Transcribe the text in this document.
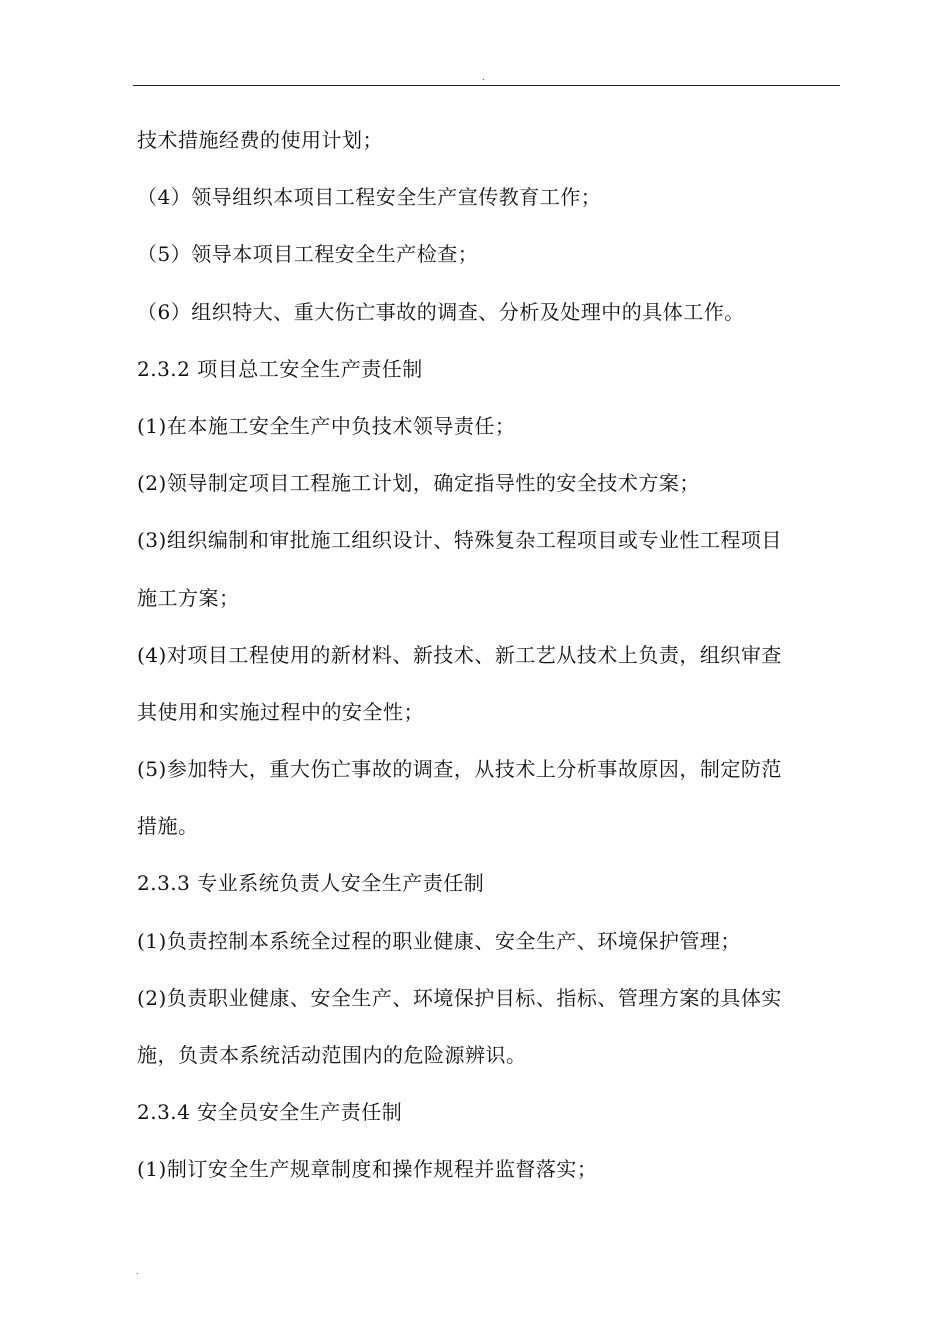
.
技术措施经费的使用计划；
（4）领导组织本项目工程安全生产宣传教育工作；
（5）领导本项目工程安全生产检查；
（6）组织特大、重大伤亡事故的调查、分析及处理中的具体工作。
2.3.2 项目总工安全生产责任制
(1)在本施工安全生产中负技术领导责任；
(2)领导制定项目工程施工计划，确定指导性的安全技术方案；
(3)组织编制和审批施工组织设计、特殊复杂工程项目或专业性工程项目
施工方案；
(4)对项目工程使用的新材料、新技术、新工艺从技术上负责，组织审查
其使用和实施过程中的安全性；
(5)参加特大，重大伤亡事故的调查，从技术上分析事故原因，制定防范
措施。
2.3.3 专业系统负责人安全生产责任制
(1)负责控制本系统全过程的职业健康、安全生产、环境保护管理；
(2)负责职业健康、安全生产、环境保护目标、指标、管理方案的具体实
施，负责本系统活动范围内的危险源辨识。
2.3.4 安全员安全生产责任制
(1)制订安全生产规章制度和操作规程并监督落实；
.
